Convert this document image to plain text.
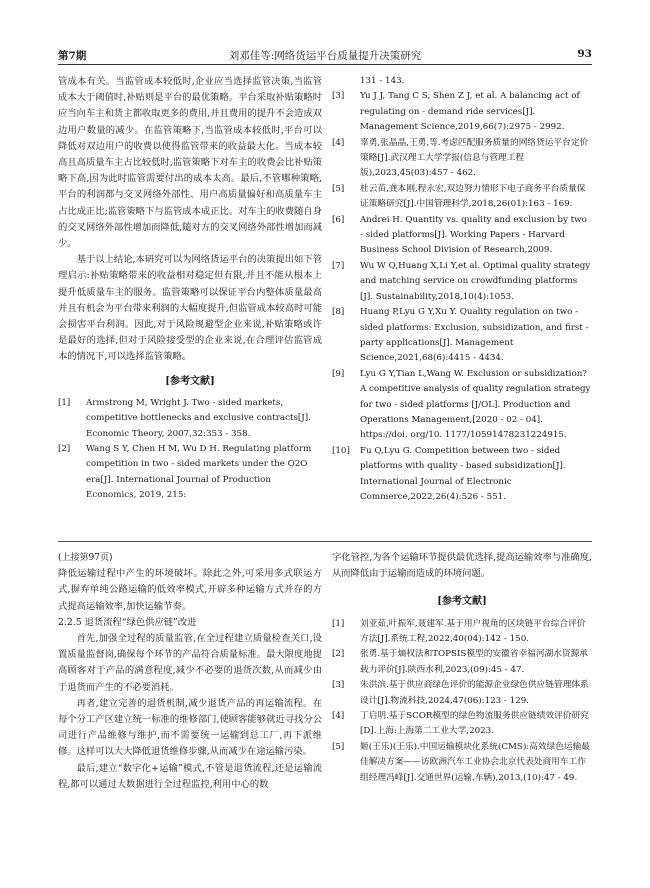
第7期	刘邓佳等:网络货运平台质量提升决策研究	93

管成本有关。当监管成本较低时,企业应当选择监管决策,当监管成本大于阈值时,补贴则是平台的最优策略。平台采取补贴策略时应当向车主和货主都收取更多的费用,并且费用的提升不会造成双边用户数量的减少。在监管策略下,当监管成本较低时,平台可以降低对双边用户的收费以使得监管带来的收益最大化。当成本较高且高质量车主占比较低时,监管策略下对车主的收费会比补贴策略下高,因为此时监管需要付出的成本太高。最后,不管哪种策略,平台的利润都与交叉网络外部性、用户高质量偏好和高质量车主占比成正比;监管策略下与监管成本成正比。对车主的收费随自身的交叉网络外部性增加而降低,随对方的交叉网络外部性增加而减少。

基于以上结论,本研究可以为网络货运平台的决策提出如下管理启示:补贴策略带来的收益相对稳定但有限,并且不能从根本上提升低质量车主的服务。监管策略可以保证平台内整体质量最高并且有机会为平台带来利润的大幅度提升,但监管成本较高时可能会损害平台利润。因此,对于风险规避型企业来说,补贴策略或许是最好的选择,但对于风险接受型的企业来说,在合理评估监管成本的情况下,可以选择监管策略。

[参考文献]
[1] Armstrong M, Wright J. Two - sided markets, competitive bottlenecks and exclusive contracts[J]. Economic Theory, 2007,32:353 - 358.
[2] Wang S Y, Chen H M, Wu D H. Regulating platform competition in two - sided markets under the O2O era[J]. International Journal of Production Economics, 2019, 215:
131 - 143.
[3] Yu J J, Tang C S, Shen Z J, et al. A balancing act of regulating on - demand ride services[J]. Management Science,2019,66(7):2975 - 2992.
[4] 辜勇,张晶晶,王勇,等.考虑匹配服务质量的网络货运平台定价策略[J].武汉理工大学学报(信息与管理工程版),2023,45(03):457 - 462.
[5] 杜云苗,龚本刚,程永宏,双边努力情形下电子商务平台质量保证策略研究[J].中国管理科学,2018,26(01):163 - 169.
[6] Andrei H. Quantity vs. quality and exclusion by two - sided platforms[J]. Working Papers - Harvard Business School Division of Research,2009.
[7] Wu W Q,Huang X,Li Y,et al. Optimal quality strategy and matching service on crowdfunding platforms [J]. Sustainability,2018,10(4):1053.
[8] Huang P,Lyu G Y,Xu Y. Quality regulation on two - sided platforms: Exclusion, subsidization, and first - party applications[J]. Management Science,2021,68(6):4415 - 4434.
[9] Lyu G Y,Tian L,Wang W. Exclusion or subsidization? A competitive analysis of quality regulation strategy for two - sided platforms [J/OL]. Production and Operations Management,[2020 - 02 - 04]. https://doi. org/10. 1177/10591478231224915.
[10] Fu Q,Lyu G. Competition between two - sided platforms with quality - based subsidization[J]. International Journal of Electronic Commerce,2022,26(4):526 - 551.

(上接第97页)

降低运输过程中产生的环境破坏。除此之外,可采用多式联运方式,摒弃单纯公路运输的低效率模式,开辟多种运输方式并存的方式提高运输效率,加快运输节奏。

2.2.5 退货流程“绿色供应链”改进

首先,加强全过程的质量监管,在全过程建立质量检查关口,设置质量监督岗,确保每个环节的产品符合质量标准。最大限度地提高顾客对于产品的满意程度,减少不必要的退货次数,从而减少由于退货而产生的不必要消耗。

再者,建立完善的退货机制,减少退货产品的再运输流程。在每个分工产区建立统一标准的维修部门,使顾客能够就近寻找分公司进行产品维修与维护,而不需要统一运输到总工厂,再下派维修。这样可以大大降低退货维修步骤,从而减少在途运输污染。

最后,建立“数字化+运输”模式,不管是退货流程,还是运输流程,都可以通过大数据进行全过程监控,利用中心的数

字化管控,为各个运输环节提供最优选择,提高运输效率与准确度,从而降低由于运输而造成的环境问题。

[参考文献]
[1] 刘亚茹,叶振军,聂建军.基于用户视角的区块链平台综合评价方法[J].系统工程,2022,40(04):142 - 150.
[2] 张勇.基于熵权法和TOPSIS模型的安徽省幸福河湖水资源承载力评价[J].陕西水利,2023,(09):45 - 47.
[3] 朱洪滨.基于供应商绿色评价的能源企业绿色供应链管理体系设计[J].物流科技,2024,47(06):123 - 129.
[4] 丁启明.基于SCOR模型的绿色物流服务供应链绩效评价研究[D].上海:上海第二工业大学,2023.
[5] 姬(王乐)(王乐).中国运输模块化系统(CMS):高效绿色运输最佳解决方案——访欧洲汽车工业协会北京代表处商用车工作组经理冯峰[J].交通世界(运输.车辆),2013,(10):47 - 49.
